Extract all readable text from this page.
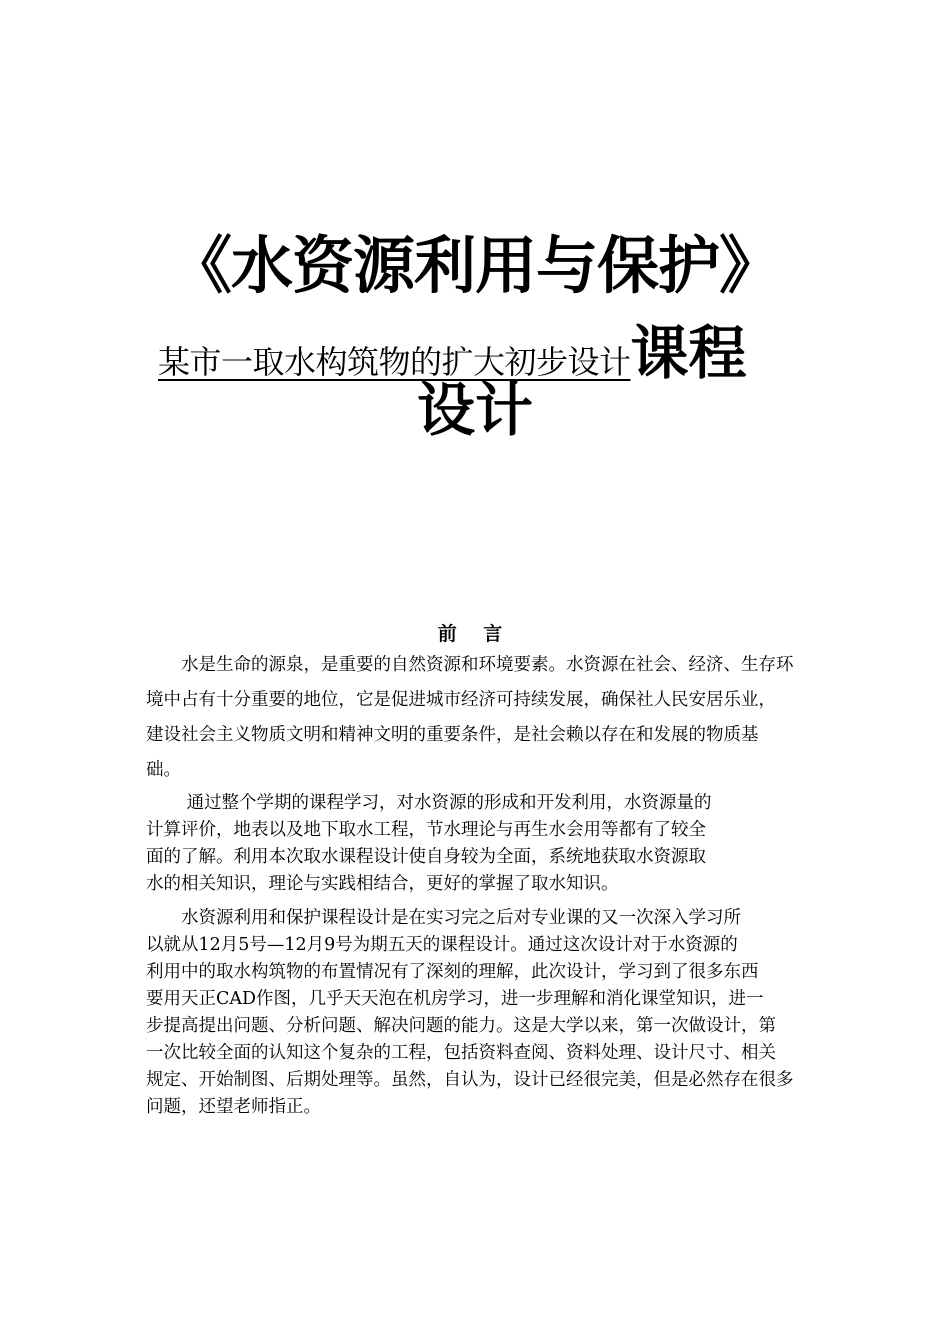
《水资源利用与保护》
某市一取水构筑物的扩大初步设计课程
设计
前 言

　　水是生命的源泉，是重要的自然资源和环境要素。水资源在社会、经济、生存环
境中占有十分重要的地位，它是促进城市经济可持续发展，确保社人民安居乐业，
建设社会主义物质文明和精神文明的重要条件，是社会赖以存在和发展的物质基
础。

　　 通过整个学期的课程学习，对水资源的形成和开发利用，水资源量的
计算评价，地表以及地下取水工程，节水理论与再生水会用等都有了较全
面的了解。利用本次取水课程设计使自身较为全面，系统地获取水资源取
水的相关知识，理论与实践相结合，更好的掌握了取水知识。

　　水资源利用和保护课程设计是在实习完之后对专业课的又一次深入学习所
以就从12月5号—12月9号为期五天的课程设计。通过这次设计对于水资源的
利用中的取水构筑物的布置情况有了深刻的理解，此次设计，学习到了很多东西
要用天正CAD作图，几乎天天泡在机房学习，进一步理解和消化课堂知识，进一
步提高提出问题、分析问题、解决问题的能力。这是大学以来，第一次做设计，第
一次比较全面的认知这个复杂的工程，包括资料查阅、资料处理、设计尺寸、相关
规定、开始制图、后期处理等。虽然，自认为，设计已经很完美，但是必然存在很多
问题，还望老师指正。
